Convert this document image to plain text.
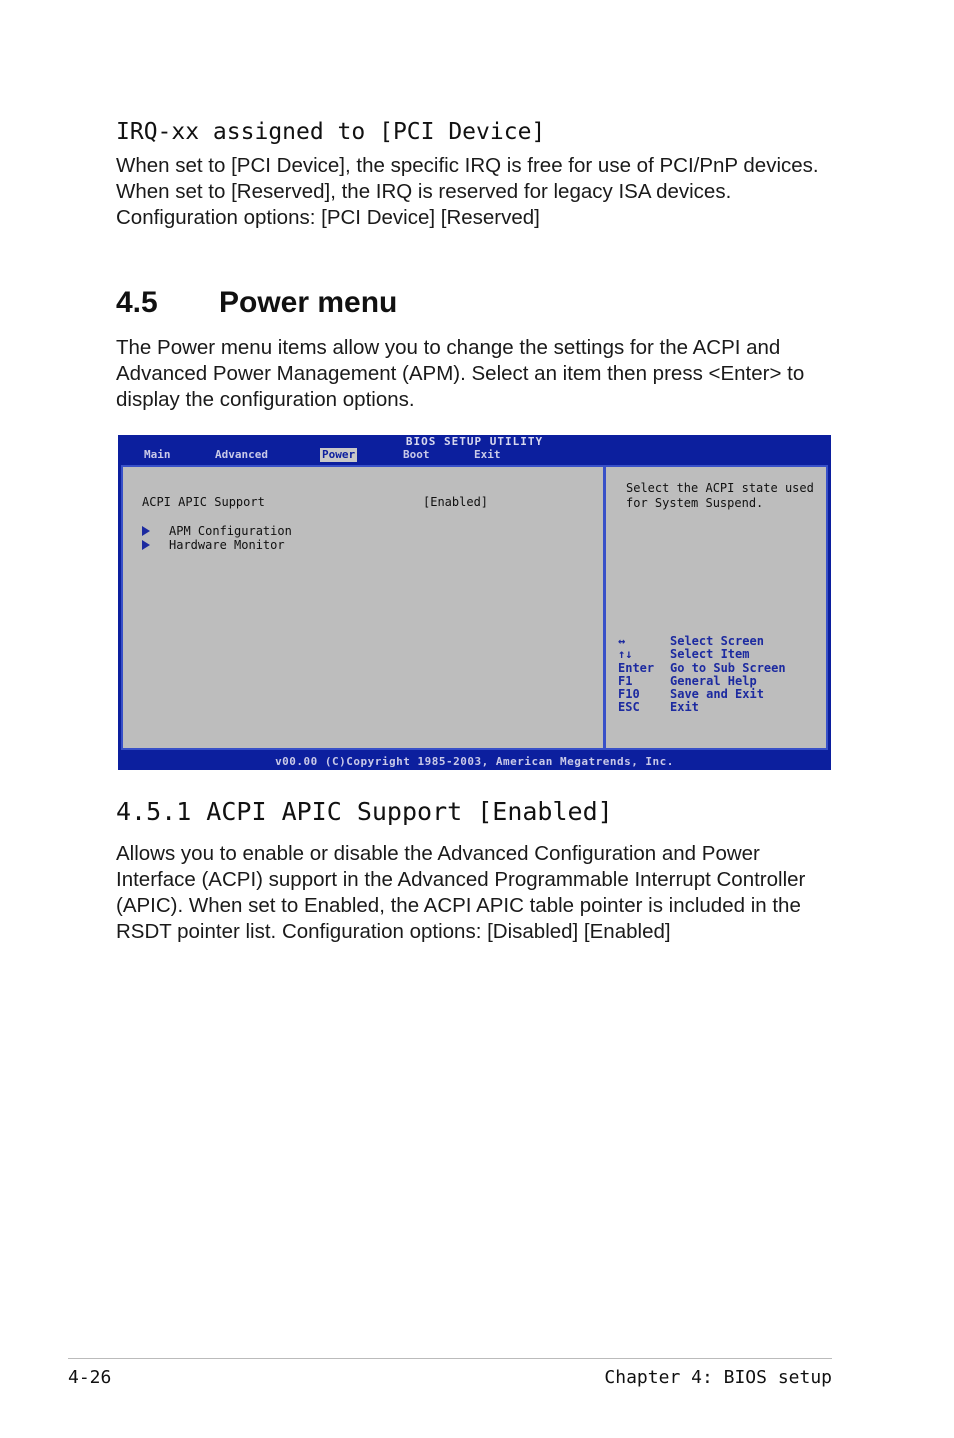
IRQ-xx assigned to [PCI Device]

When set to [PCI Device], the specific IRQ is free for use of PCI/PnP devices. When set to [Reserved], the IRQ is reserved for legacy ISA devices. Configuration options: [PCI Device] [Reserved]

4.5 Power menu

The Power menu items allow you to change the settings for the ACPI and Advanced Power Management (APM). Select an item then press <Enter> to display the configuration options.

BIOS SETUP UTILITY
Main	Advanced	Power	Boot	Exit
ACPI APIC Support	[Enabled]
APM Configuration
Hardware Monitor
Select the ACPI state used for System Suspend.
↔	Select Screen
↑↓	Select Item
Enter Go to Sub Screen
F1	General Help
F10	Save and Exit
ESC	Exit
v00.00 (C)Copyright 1985-2003, American Megatrends, Inc.
4.5.1 ACPI APIC Support [Enabled]

Allows you to enable or disable the Advanced Configuration and Power Interface (ACPI) support in the Advanced Programmable Interrupt Controller (APIC). When set to Enabled, the ACPI APIC table pointer is included in the RSDT pointer list. Configuration options: [Disabled] [Enabled]

4-26	Chapter 4: BIOS setup
